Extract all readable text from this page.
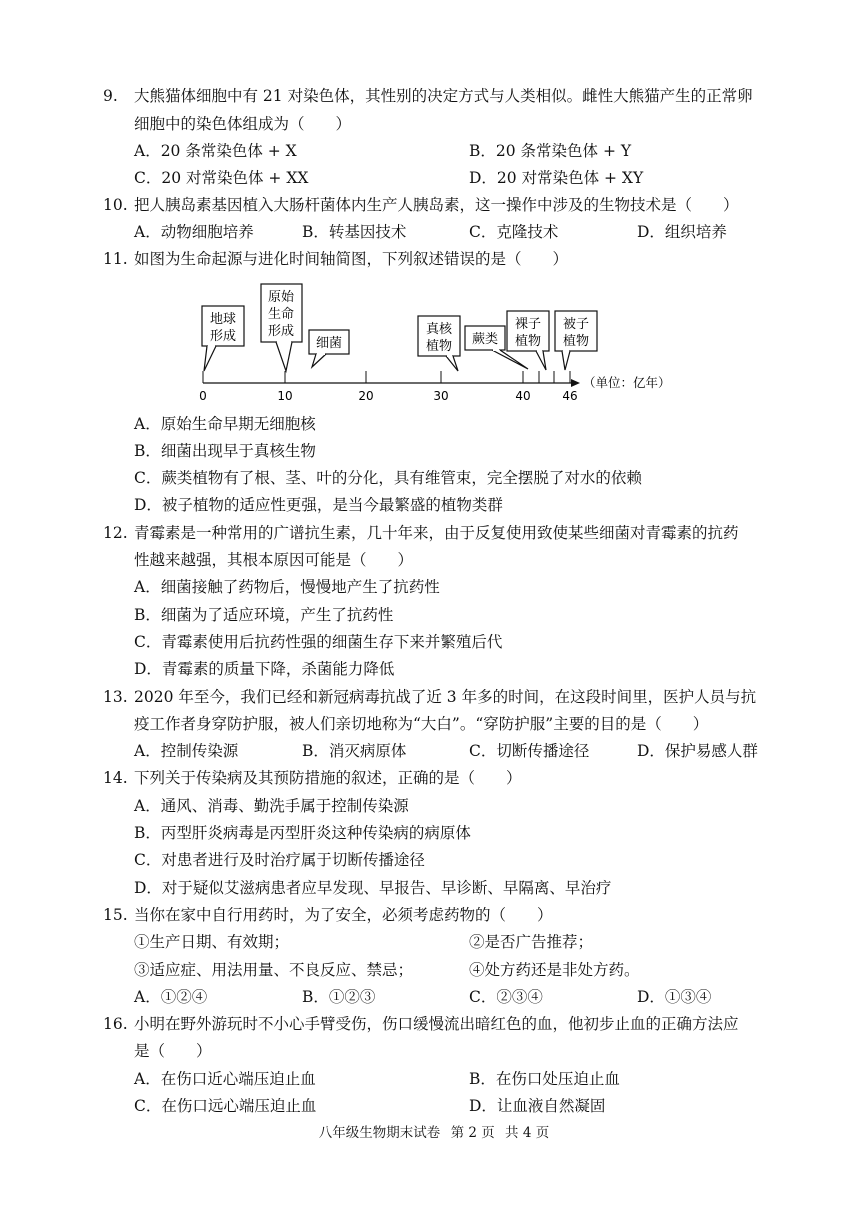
9. 大熊猫体细胞中有 21 对染色体，其性别的决定方式与人类相似。雌性大熊猫产生的正常卵
细胞中的染色体组成为（　　）
A．20 条常染色体 + X	B．20 条常染色体 + Y
C．20 对常染色体 + XX	D．20 对常染色体 + XY
10. 把人胰岛素基因植入大肠杆菌体内生产人胰岛素，这一操作中涉及的生物技术是（　　）
A．动物细胞培养	B．转基因技术	C．克隆技术	D．组织培养
11. 如图为生命起源与进化时间轴简图，下列叙述错误的是（　　）
0	10	20	30	40	46
（单位：亿年）
地球
形成
原始
生命
形成
细菌
真核
植物 蕨类
裸子
植物
被子
植物
A．原始生命早期无细胞核
B．细菌出现早于真核生物
C．蕨类植物有了根、茎、叶的分化，具有维管束，完全摆脱了对水的依赖
D．被子植物的适应性更强，是当今最繁盛的植物类群
12. 青霉素是一种常用的广谱抗生素，几十年来，由于反复使用致使某些细菌对青霉素的抗药
性越来越强，其根本原因可能是（　　）
A．细菌接触了药物后，慢慢地产生了抗药性
B．细菌为了适应环境，产生了抗药性
C．青霉素使用后抗药性强的细菌生存下来并繁殖后代
D．青霉素的质量下降，杀菌能力降低
13. 2020 年至今，我们已经和新冠病毒抗战了近 3 年多的时间，在这段时间里，医护人员与抗
疫工作者身穿防护服，被人们亲切地称为“大白”。“穿防护服”主要的目的是（　　）
A．控制传染源	B．消灭病原体	C．切断传播途径	D．保护易感人群
14. 下列关于传染病及其预防措施的叙述，正确的是（　　）
A．通风、消毒、勤洗手属于控制传染源
B．丙型肝炎病毒是丙型肝炎这种传染病的病原体
C．对患者进行及时治疗属于切断传播途径
D．对于疑似艾滋病患者应早发现、早报告、早诊断、早隔离、早治疗
15. 当你在家中自行用药时，为了安全，必须考虑药物的（　　）
①生产日期、有效期；	②是否广告推荐；
③适应症、用法用量、不良反应、禁忌；	④处方药还是非处方药。
A．①②④	B．①②③	C．②③④	D．①③④
16. 小明在野外游玩时不小心手臂受伤，伤口缓慢流出暗红色的血，他初步止血的正确方法应
是（　　）
A．在伤口近心端压迫止血	B．在伤口处压迫止血
C．在伤口远心端压迫止血	D．让血液自然凝固
八年级生物期末试卷 第 2 页 共 4 页
